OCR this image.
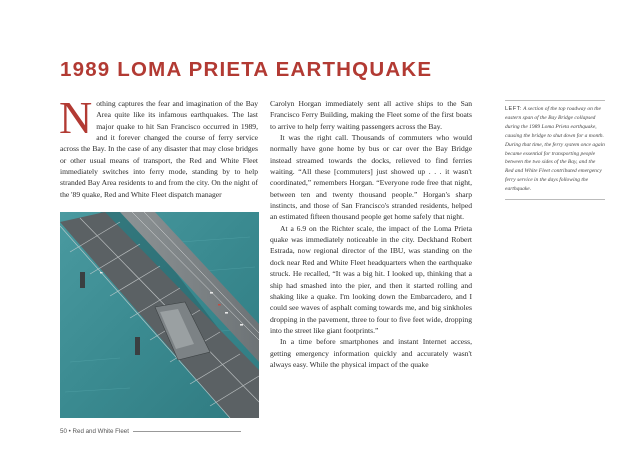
1989 LOMA PRIETA EARTHQUAKE
N othing captures the fear and imagination of the Bay Area quite like its infamous earthquakes. The last major quake to hit San Francisco occurred in 1989, and it forever changed the course of ferry service across the Bay. In the case of any disaster that may close bridges or other usual means of transport, the Red and White Fleet immediately switches into ferry mode, standing by to help stranded Bay Area residents to and from the city. On the night of the '89 quake, Red and White Fleet dispatch manager

Carolyn Horgan immediately sent all active ships to the San Francisco Ferry Building, making the Fleet some of the first boats to arrive to help ferry waiting passengers across the Bay.

It was the right call. Thousands of commuters who would normally have gone home by bus or car over the Bay Bridge instead streamed towards the docks, relieved to find ferries waiting. “All these [commuters] just showed up . . . it wasn't coordinated,” remembers Horgan. “Everyone rode free that night, between ten and twenty thousand people.” Horgan's sharp instincts, and those of San Francisco's stranded residents, helped an estimated fifteen thousand people get home safely that night.

At a 6.9 on the Richter scale, the impact of the Loma Prieta quake was immediately noticeable in the city. Deckhand Robert Estrada, now regional director of the IBU, was standing on the dock near Red and White Fleet headquarters when the earthquake struck. He recalled, “It was a big hit. I looked up, thinking that a ship had smashed into the pier, and then it started rolling and shaking like a quake. I'm looking down the Embarcadero, and I could see waves of asphalt coming towards me, and big sinkholes dropping in the pavement, three to four to five feet wide, dropping into the street like giant footprints.”

In a time before smartphones and instant Internet access, getting emergency information quickly and accurately wasn't always easy. While the physical impact of the quake

LEFT: A section of the top roadway on the eastern span of the Bay Bridge collapsed during the 1989 Loma Prieta earthquake, causing the bridge to shut down for a month. During that time, the ferry system once again became essential for transporting people between the two sides of the Bay, and the Red and White Fleet contributed emergency ferry service in the days following the earthquake.
50 • Red and White Fleet
